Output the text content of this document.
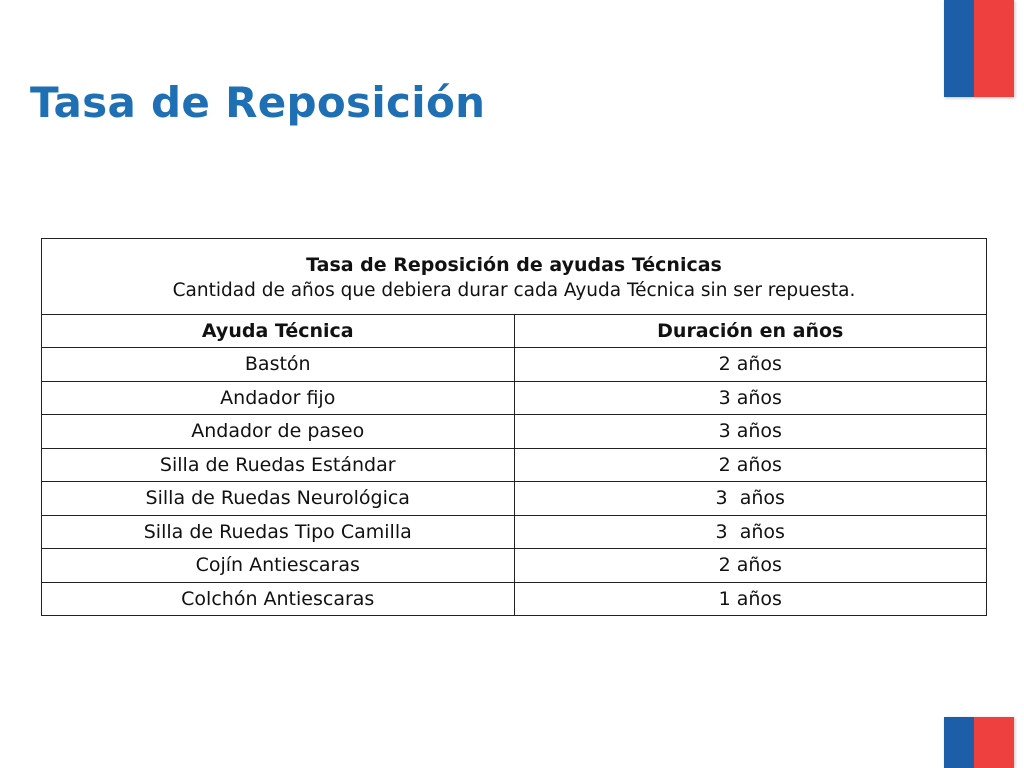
Tasa de Reposición
Tasa de Reposición de ayudas Técnicas
Cantidad de años que debiera durar cada Ayuda Técnica sin ser repuesta.	

Ayuda Técnica	Duración en años
Bastón	2 años
Andador fijo	3 años
Andador de paseo	3 años
Silla de Ruedas Estándar	2 años
Silla de Ruedas Neurológica	3  años
Silla de Ruedas Tipo Camilla	3  años
Cojín Antiescaras	2 años
Colchón Antiescaras	1 años
